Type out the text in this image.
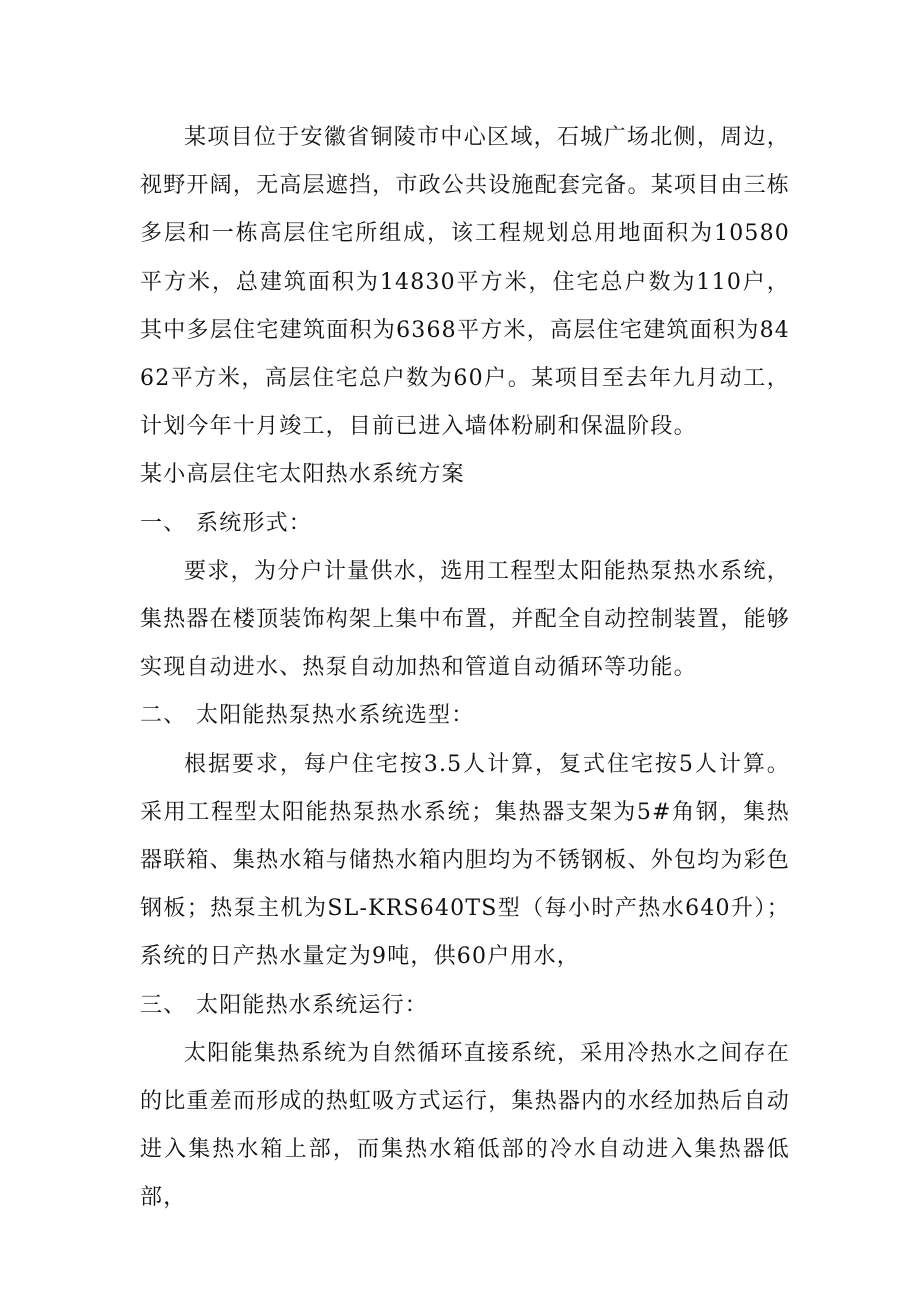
某项目位于安徽省铜陵市中心区域，石城广场北侧，周边，视野开阔，无高层遮挡，市政公共设施配套完备。某项目由三栋多层和一栋高层住宅所组成，该工程规划总用地面积为10580平方米，总建筑面积为14830平方米，住宅总户数为110户，其中多层住宅建筑面积为6368平方米，高层住宅建筑面积为8462平方米，高层住宅总户数为60户。某项目至去年九月动工，计划今年十月竣工，目前已进入墙体粉刷和保温阶段。

某小高层住宅太阳热水系统方案

一、 系统形式：

要求，为分户计量供水，选用工程型太阳能热泵热水系统，集热器在楼顶装饰构架上集中布置，并配全自动控制装置，能够实现自动进水、热泵自动加热和管道自动循环等功能。

二、 太阳能热泵热水系统选型：

根据要求，每户住宅按3.5人计算，复式住宅按5人计算。采用工程型太阳能热泵热水系统；集热器支架为5#角钢，集热器联箱、集热水箱与储热水箱内胆均为不锈钢板、外包均为彩色钢板；热泵主机为SL-KRS640TS型（每小时产热水640升）；系统的日产热水量定为9吨，供60户用水，

三、 太阳能热水系统运行：

太阳能集热系统为自然循环直接系统，采用冷热水之间存在的比重差而形成的热虹吸方式运行，集热器内的水经加热后自动进入集热水箱上部，而集热水箱低部的冷水自动进入集热器低部，
